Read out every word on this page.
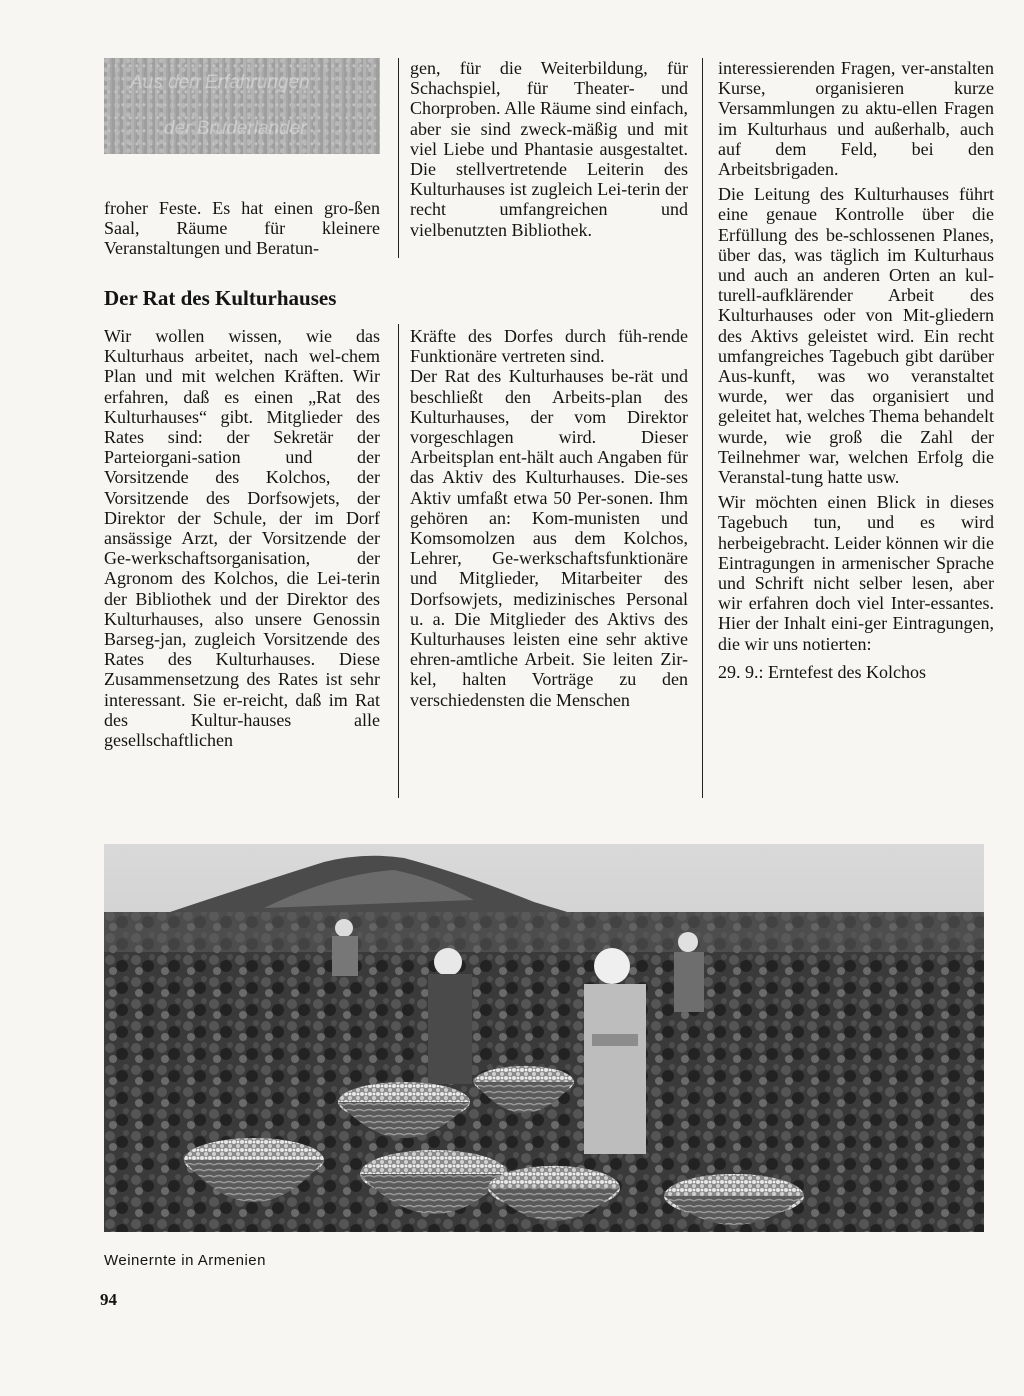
Aus den Erfahrungen
der Bruderlander

froher Feste. Es hat einen gro-ßen Saal, Räume für kleinere Veranstaltungen und Beratun-

gen, für die Weiterbildung, für Schachspiel, für Theater- und Chorproben. Alle Räume sind einfach, aber sie sind zweck-mäßig und mit viel Liebe und Phantasie ausgestaltet. Die stellvertretende Leiterin des Kulturhauses ist zugleich Lei-terin der recht umfangreichen und vielbenutzten Bibliothek.

Der Rat des Kulturhauses

Wir wollen wissen, wie das Kulturhaus arbeitet, nach wel-chem Plan und mit welchen Kräften. Wir erfahren, daß es einen „Rat des Kulturhauses“ gibt. Mitglieder des Rates sind: der Sekretär der Parteiorgani-sation und der Vorsitzende des Kolchos, der Vorsitzende des Dorfsowjets, der Direktor der Schule, der im Dorf ansässige Arzt, der Vorsitzende der Ge-werkschaftsorganisation, der Agronom des Kolchos, die Lei-terin der Bibliothek und der Direktor des Kulturhauses, also unsere Genossin Barseg-jan, zugleich Vorsitzende des Rates des Kulturhauses. Diese Zusammensetzung des Rates ist sehr interessant. Sie er-reicht, daß im Rat des Kultur-hauses alle gesellschaftlichen

Kräfte des Dorfes durch füh-rende Funktionäre vertreten sind.

Der Rat des Kulturhauses be-rät und beschließt den Arbeits-plan des Kulturhauses, der vom Direktor vorgeschlagen wird. Dieser Arbeitsplan ent-hält auch Angaben für das Aktiv des Kulturhauses. Die-ses Aktiv umfaßt etwa 50 Per-sonen. Ihm gehören an: Kom-munisten und Komsomolzen aus dem Kolchos, Lehrer, Ge-werkschaftsfunktionäre und Mitglieder, Mitarbeiter des Dorfsowjets, medizinisches Personal u. a. Die Mitglieder des Aktivs des Kulturhauses leisten eine sehr aktive ehren-amtliche Arbeit. Sie leiten Zir-kel, halten Vorträge zu den verschiedensten die Menschen

interessierenden Fragen, ver-anstalten Kurse, organisieren kurze Versammlungen zu aktu-ellen Fragen im Kulturhaus und außerhalb, auch auf dem Feld, bei den Arbeitsbrigaden.

Die Leitung des Kulturhauses führt eine genaue Kontrolle über die Erfüllung des be-schlossenen Planes, über das, was täglich im Kulturhaus und auch an anderen Orten an kul-turell-aufklärender Arbeit des Kulturhauses oder von Mit-gliedern des Aktivs geleistet wird. Ein recht umfangreiches Tagebuch gibt darüber Aus-kunft, was wo veranstaltet wurde, wer das organisiert und geleitet hat, welches Thema behandelt wurde, wie groß die Zahl der Teilnehmer war, welchen Erfolg die Veranstal-tung hatte usw.

Wir möchten einen Blick in dieses Tagebuch tun, und es wird herbeigebracht. Leider können wir die Eintragungen in armenischer Sprache und Schrift nicht selber lesen, aber wir erfahren doch viel Inter-essantes. Hier der Inhalt eini-ger Eintragungen, die wir uns notierten:

29. 9.: Erntefest des Kolchos

Weinernte in Armenien
94
